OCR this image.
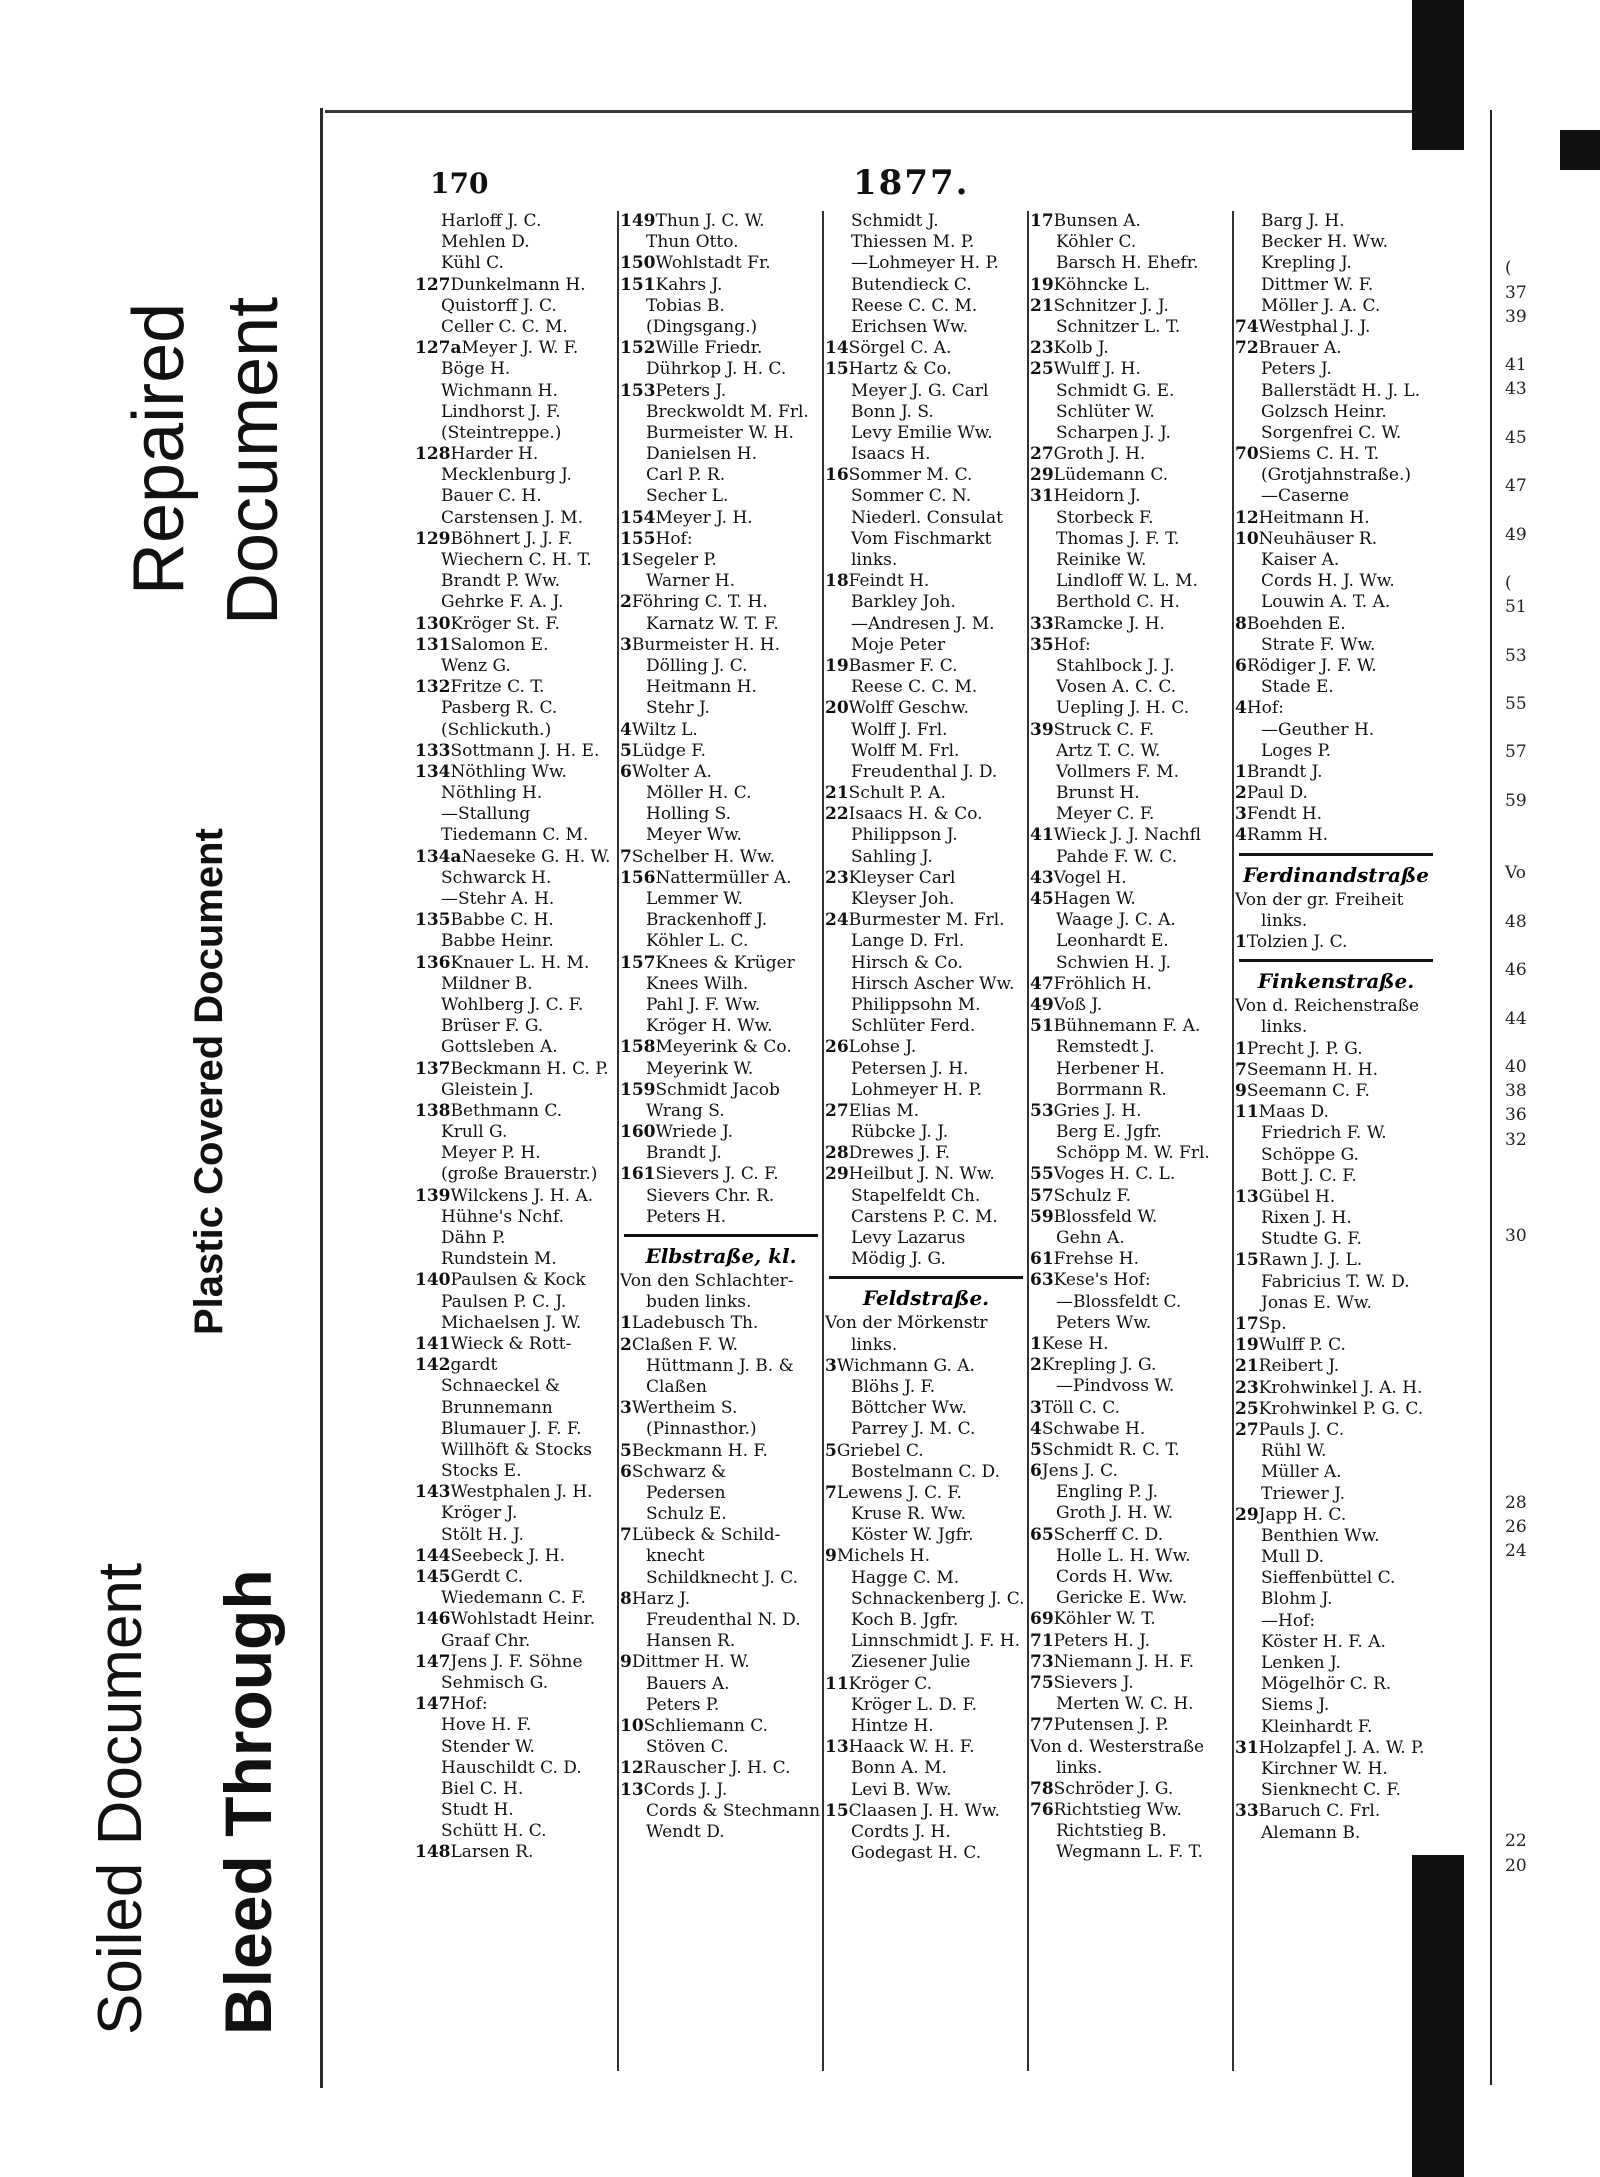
Repaired Document
Plastic Covered Document
Soiled Document Bleed Through
170	1877.
Harloff J. C.
Mehlen D.
Kühl C.
127Dunkelmann H.
Quistorff J. C.
Celler C. C. M.
127aMeyer J. W. F.
Böge H.
Wichmann H.
Lindhorst J. F.
(Steintreppe.)
128Harder H.
Mecklenburg J.
Bauer C. H.
Carstensen J. M.
129Böhnert J. J. F.
Wiechern C. H. T.
Brandt P. Ww.
Gehrke F. A. J.
130Kröger St. F.
131Salomon E.
Wenz G.
132Fritze C. T.
Pasberg R. C.
(Schlickuth.)
133Sottmann J. H. E.
134Nöthling Ww.
Nöthling H.
—Stallung
Tiedemann C. M.
134aNaeseke G. H. W.
Schwarck H.
—Stehr A. H.
135Babbe C. H.
Babbe Heinr.
136Knauer L. H. M.
Mildner B.
Wohlberg J. C. F.
Brüser F. G.
Gottsleben A.
137Beckmann H. C. P.
Gleistein J.
138Bethmann C.
Krull G.
Meyer P. H.
(große Brauerstr.)
139Wilckens J. H. A.
Hühne's Nchf.
Dähn P.
Rundstein M.
140Paulsen & Kock
Paulsen P. C. J.
Michaelsen J. W.
141Wieck & Rott-
142gardt
Schnaeckel &
Brunnemann
Blumauer J. F. F.
Willhöft & Stocks
Stocks E.
143Westphalen J. H.
Kröger J.
Stölt H. J.
144Seebeck J. H.
145Gerdt C.
Wiedemann C. F.
146Wohlstadt Heinr.
Graaf Chr.
147Jens J. F. Söhne
Sehmisch G.
147Hof:
Hove H. F.
Stender W.
Hauschildt C. D.
Biel C. H.
Studt H.
Schütt H. C.
148Larsen R.
149Thun J. C. W.
Thun Otto.
150Wohlstadt Fr.
151Kahrs J.
Tobias B.
(Dingsgang.)
152Wille Friedr.
Dührkop J. H. C.
153Peters J.
Breckwoldt M. Frl.
Burmeister W. H.
Danielsen H.
Carl P. R.
Secher L.
154Meyer J. H.
155Hof:
1Segeler P.
Warner H.
2Föhring C. T. H.
Karnatz W. T. F.
3Burmeister H. H.
Dölling J. C.
Heitmann H.
Stehr J.
4Wiltz L.
5Lüdge F.
6Wolter A.
Möller H. C.
Holling S.
Meyer Ww.
7Schelber H. Ww.
156Nattermüller A.
Lemmer W.
Brackenhoff J.
Köhler L. C.
157Knees & Krüger
Knees Wilh.
Pahl J. F. Ww.
Kröger H. Ww.
158Meyerink & Co.
Meyerink W.
159Schmidt Jacob
Wrang S.
160Wriede J.
Brandt J.
161Sievers J. C. F.
Sievers Chr. R.
Peters H.
Elbstraße, kl.
Von den Schlachter-
buden links.
1Ladebusch Th.
2Claßen F. W.
Hüttmann J. B. &
Claßen
3Wertheim S.
(Pinnasthor.)
5Beckmann H. F.
6Schwarz &
Pedersen
Schulz E.
7Lübeck & Schild-
knecht
Schildknecht J. C.
8Harz J.
Freudenthal N. D.
Hansen R.
9Dittmer H. W.
Bauers A.
Peters P.
10Schliemann C.
Stöven C.
12Rauscher J. H. C.
13Cords J. J.
Cords & Stechmann
Wendt D.
Schmidt J.
Thiessen M. P.
—Lohmeyer H. P.
Butendieck C.
Reese C. C. M.
Erichsen Ww.
14Sörgel C. A.
15Hartz & Co.
Meyer J. G. Carl
Bonn J. S.
Levy Emilie Ww.
Isaacs H.
16Sommer M. C.
Sommer C. N.
Niederl. Consulat
Vom Fischmarkt
links.
18Feindt H.
Barkley Joh.
—Andresen J. M.
Moje Peter
19Basmer F. C.
Reese C. C. M.
20Wolff Geschw.
Wolff J. Frl.
Wolff M. Frl.
Freudenthal J. D.
21Schult P. A.
22Isaacs H. & Co.
Philippson J.
Sahling J.
23Kleyser Carl
Kleyser Joh.
24Burmester M. Frl.
Lange D. Frl.
Hirsch & Co.
Hirsch Ascher Ww.
Philippsohn M.
Schlüter Ferd.
26Lohse J.
Petersen J. H.
Lohmeyer H. P.
27Elias M.
Rübcke J. J.
28Drewes J. F.
29Heilbut J. N. Ww.
Stapelfeldt Ch.
Carstens P. C. M.
Levy Lazarus
Mödig J. G.
Feldstraße.
Von der Mörkenstr
links.
3Wichmann G. A.
Blöhs J. F.
Böttcher Ww.
Parrey J. M. C.
5Griebel C.
Bostelmann C. D.
7Lewens J. C. F.
Kruse R. Ww.
Köster W. Jgfr.
9Michels H.
Hagge C. M.
Schnackenberg J. C.
Koch B. Jgfr.
Linnschmidt J. F. H.
Ziesener Julie
11Kröger C.
Kröger L. D. F.
Hintze H.
13Haack W. H. F.
Bonn A. M.
Levi B. Ww.
15Claasen J. H. Ww.
Cordts J. H.
Godegast H. C.
17Bunsen A.
Köhler C.
Barsch H. Ehefr.
19Köhncke L.
21Schnitzer J. J.
Schnitzer L. T.
23Kolb J.
25Wulff J. H.
Schmidt G. E.
Schlüter W.
Scharpen J. J.
27Groth J. H.
29Lüdemann C.
31Heidorn J.
Storbeck F.
Thomas J. F. T.
Reinike W.
Lindloff W. L. M.
Berthold C. H.
33Ramcke J. H.
35Hof:
Stahlbock J. J.
Vosen A. C. C.
Uepling J. H. C.
39Struck C. F.
Artz T. C. W.
Vollmers F. M.
Brunst H.
Meyer C. F.
41Wieck J. J. Nachfl
Pahde F. W. C.
43Vogel H.
45Hagen W.
Waage J. C. A.
Leonhardt E.
Schwien H. J.
47Fröhlich H.
49Voß J.
51Bühnemann F. A.
Remstedt J.
Herbener H.
Borrmann R.
53Gries J. H.
Berg E. Jgfr.
Schöpp M. W. Frl.
55Voges H. C. L.
57Schulz F.
59Blossfeld W.
Gehn A.
61Frehse H.
63Kese's Hof:
—Blossfeldt C.
Peters Ww.
1Kese H.
2Krepling J. G.
—Pindvoss W.
3Töll C. C.
4Schwabe H.
5Schmidt R. C. T.
6Jens J. C.
Engling P. J.
Groth J. H. W.
65Scherff C. D.
Holle L. H. Ww.
Cords H. Ww.
Gericke E. Ww.
69Köhler W. T.
71Peters H. J.
73Niemann J. H. F.
75Sievers J.
Merten W. C. H.
77Putensen J. P.
Von d. Westerstraße
links.
78Schröder J. G.
76Richtstieg Ww.
Richtstieg B.
Wegmann L. F. T.
Barg J. H.
Becker H. Ww.
Krepling J.
Dittmer W. F.
Möller J. A. C.
74Westphal J. J.
72Brauer A.
Peters J.
Ballerstädt H. J. L.
Golzsch Heinr.
Sorgenfrei C. W.
70Siems C. H. T.
(Grotjahnstraße.)
—Caserne
12Heitmann H.
10Neuhäuser R.
Kaiser A.
Cords H. J. Ww.
Louwin A. T. A.
8Boehden E.
Strate F. Ww.
6Rödiger J. F. W.
Stade E.
4Hof:
—Geuther H.
Loges P.
1Brandt J.
2Paul D.
3Fendt H.
4Ramm H.
Ferdinandstraße
Von der gr. Freiheit
links.
1Tolzien J. C.
Finkenstraße.
Von d. Reichenstraße
links.
1Precht J. P. G.
7Seemann H. H.
9Seemann C. F.
11Maas D.
Friedrich F. W.
Schöppe G.
Bott J. C. F.
13Gübel H.
Rixen J. H.
Studte G. F.
15Rawn J. J. L.
Fabricius T. W. D.
Jonas E. Ww.
17Sp.
19Wulff P. C.
21Reibert J.
23Krohwinkel J. A. H.
25Krohwinkel P. G. C.
27Pauls J. C.
Rühl W.
Müller A.
Triewer J.
29Japp H. C.
Benthien Ww.
Mull D.
Sieffenbüttel C.
Blohm J.
—Hof:
Köster H. F. A.
Lenken J.
Mögelhör C. R.
Siems J.
Kleinhardt F.
31Holzapfel J. A. W. P.
Kirchner W. H.
Sienknecht C. F.
33Baruch C. Frl.
Alemann B.
(
37
39
41
43
45
47
49
(
51
53
55
57
59
Vo
48
46
44
40
38
36
32
30
28
26
24
22
20
